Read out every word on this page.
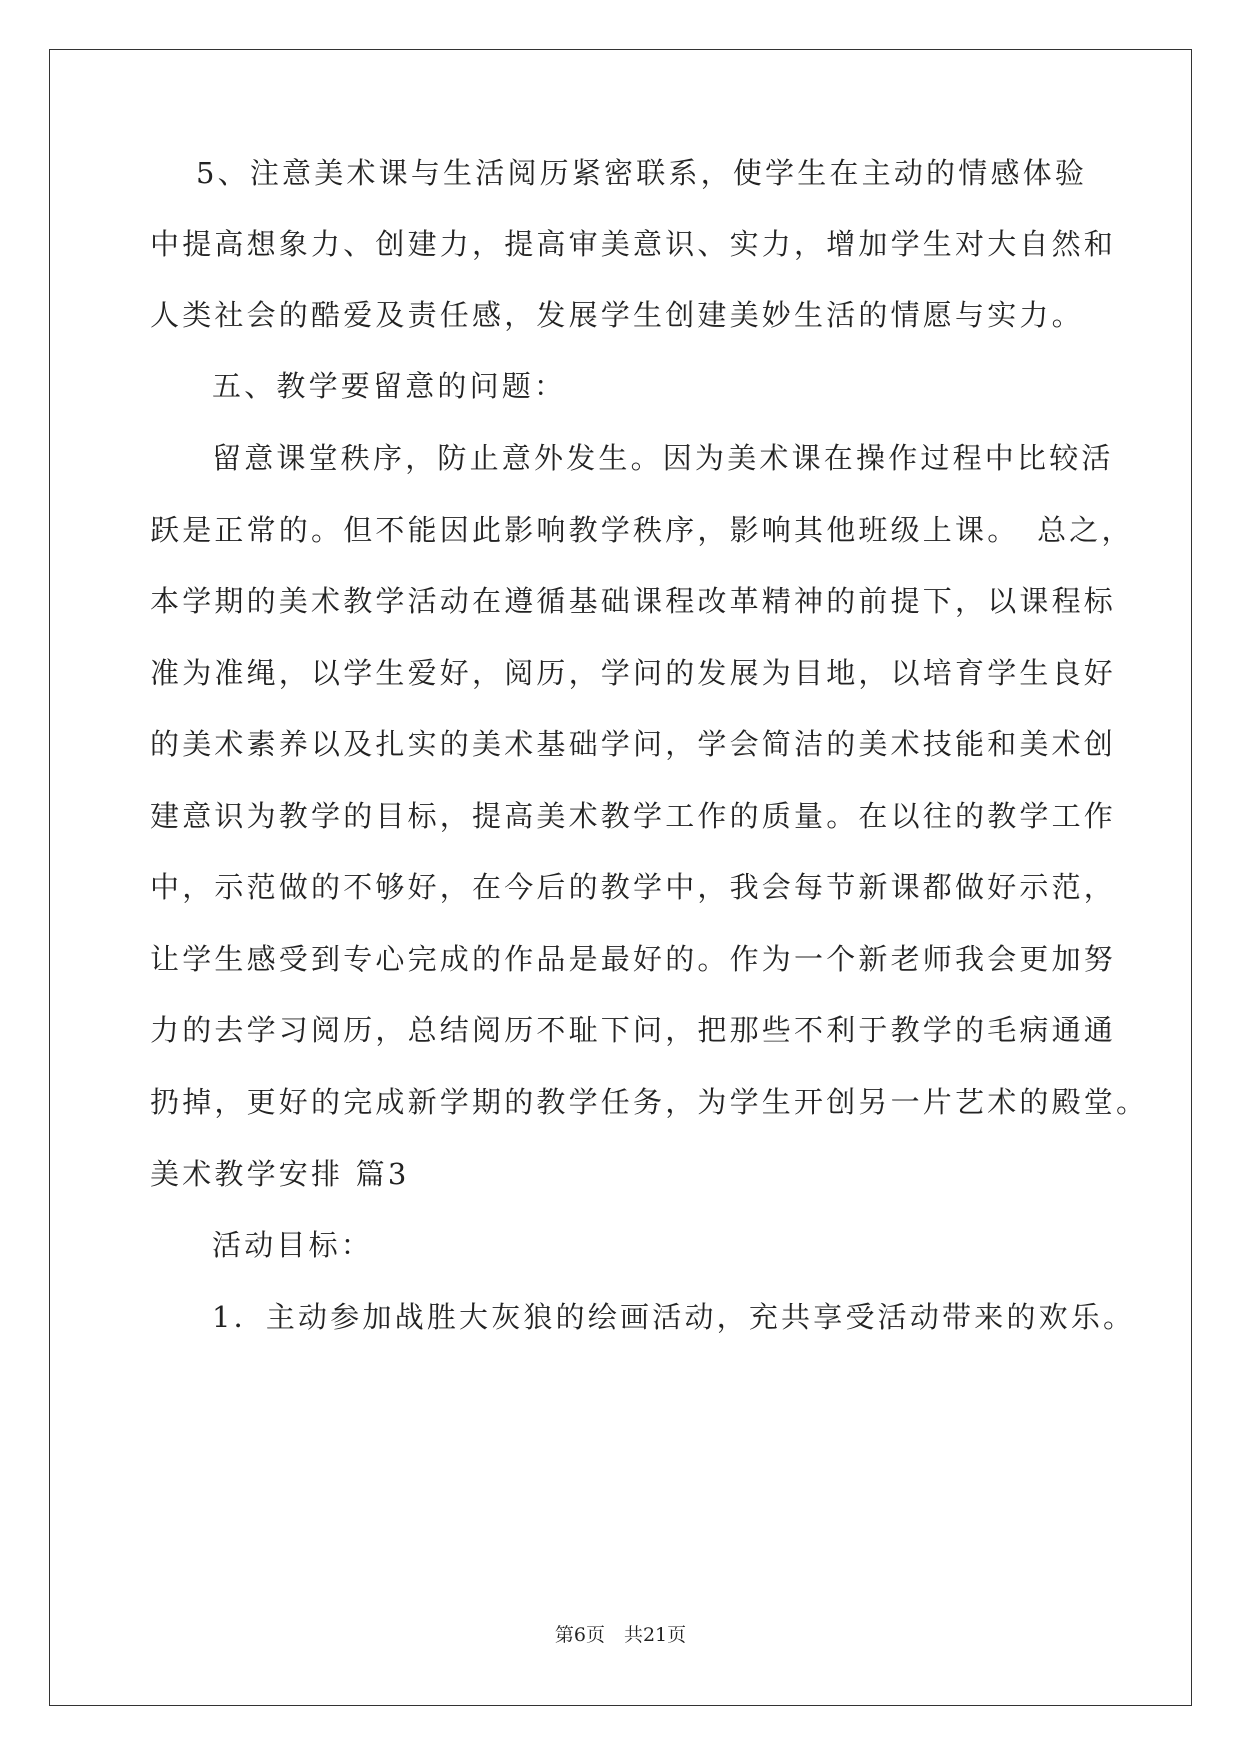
5、注意美术课与生活阅历紧密联系，使学生在主动的情感体验
中提高想象力、创建力，提高审美意识、实力，增加学生对大自然和
人类社会的酷爱及责任感，发展学生创建美妙生活的情愿与实力。
五、教学要留意的问题：
留意课堂秩序，防止意外发生。因为美术课在操作过程中比较活
跃是正常的。但不能因此影响教学秩序，影响其他班级上课。　总之，
本学期的美术教学活动在遵循基础课程改革精神的前提下，以课程标
准为准绳，以学生爱好，阅历，学问的发展为目地，以培育学生良好
的美术素养以及扎实的美术基础学问，学会简洁的美术技能和美术创
建意识为教学的目标，提高美术教学工作的质量。在以往的教学工作
中，示范做的不够好，在今后的教学中，我会每节新课都做好示范，
让学生感受到专心完成的作品是最好的。作为一个新老师我会更加努
力的去学习阅历，总结阅历不耻下问，把那些不利于教学的毛病通通
扔掉，更好的完成新学期的教学任务，为学生开创另一片艺术的殿堂。
美术教学安排 篇3
活动目标：
1．主动参加战胜大灰狼的绘画活动，充共享受活动带来的欢乐。
第6页　共21页
